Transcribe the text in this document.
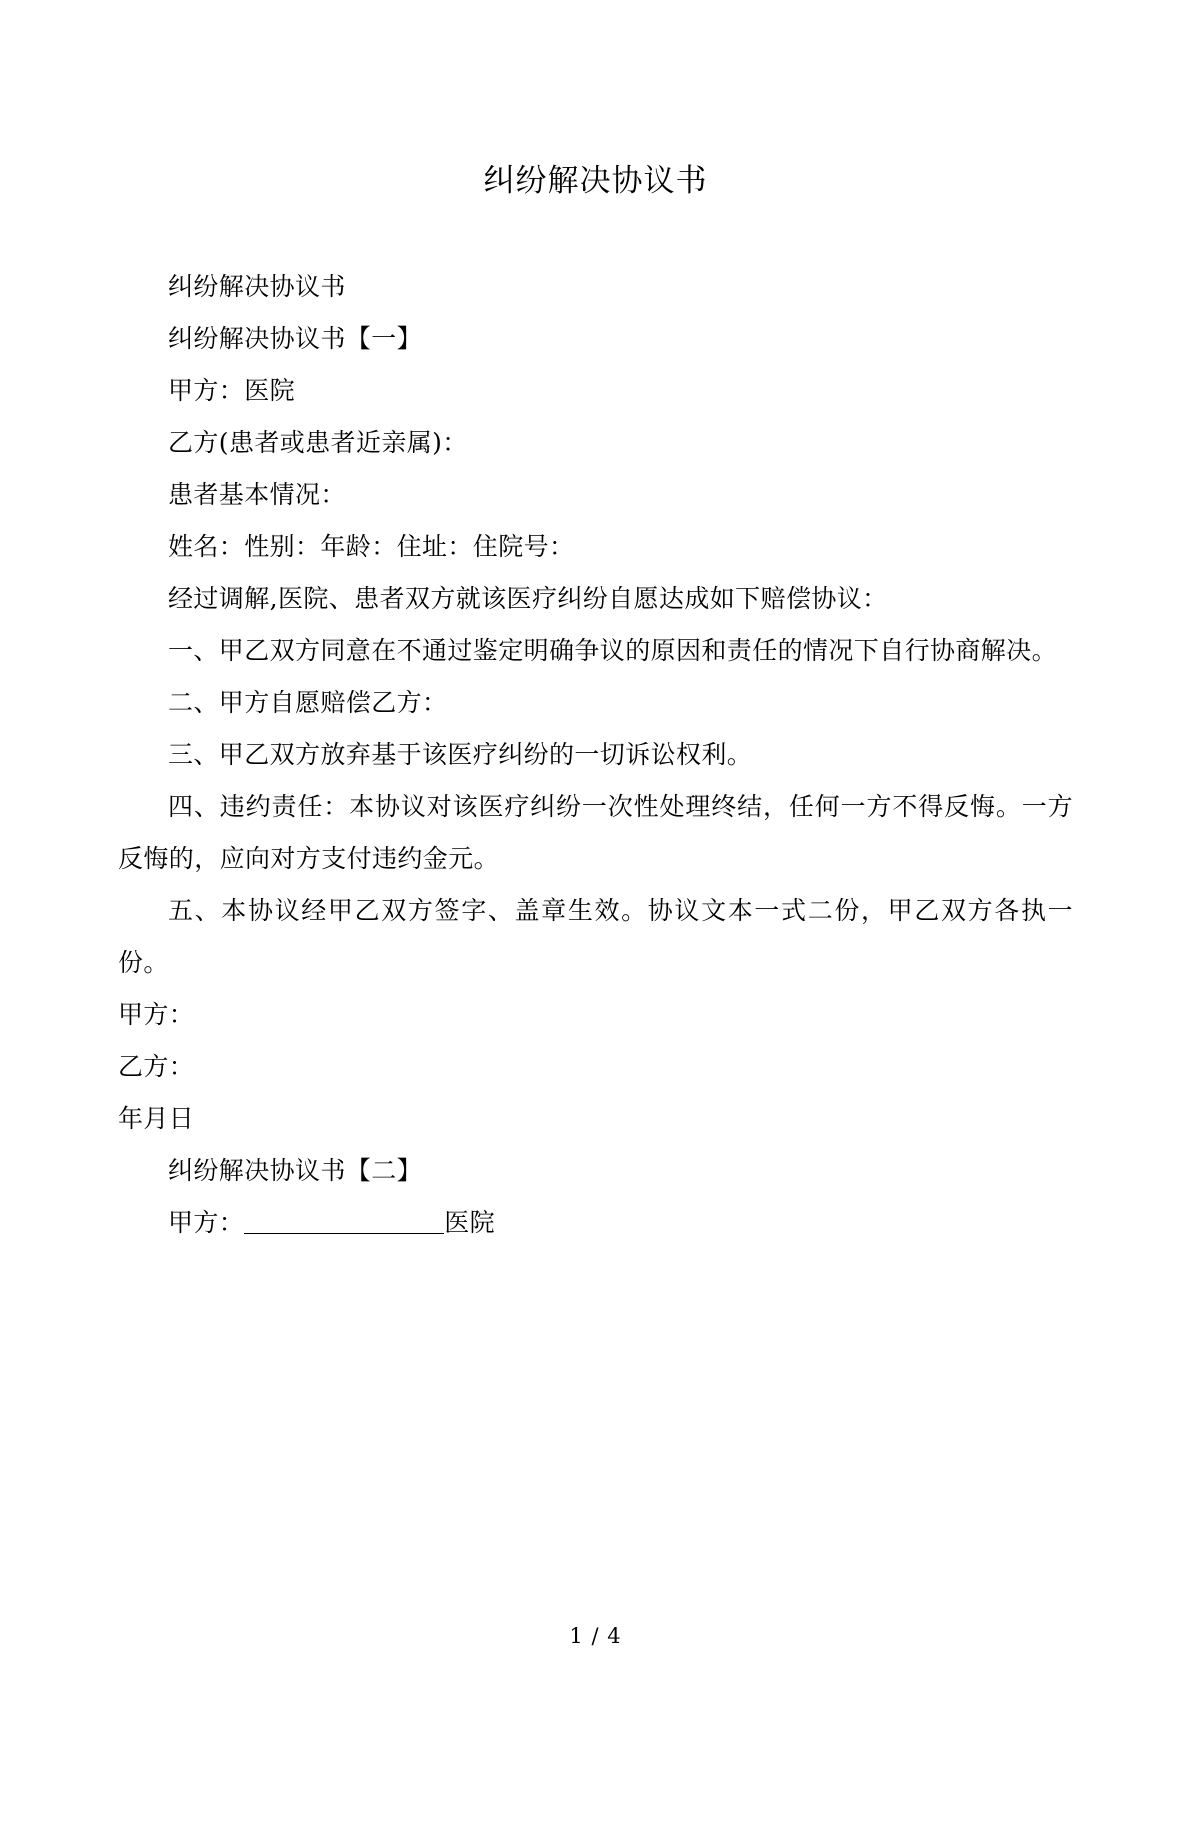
纠纷解决协议书

纠纷解决协议书

纠纷解决协议书【一】

甲方：医院

乙方(患者或患者近亲属)：

患者基本情况：

姓名：性别：年龄：住址：住院号：

经过调解,医院、患者双方就该医疗纠纷自愿达成如下赔偿协议：

一、甲乙双方同意在不通过鉴定明确争议的原因和责任的情况下自行协商解决。

二、甲方自愿赔偿乙方：

三、甲乙双方放弃基于该医疗纠纷的一切诉讼权利。

四、违约责任：本协议对该医疗纠纷一次性处理终结，任何一方不得反悔。一方反悔的，应向对方支付违约金元。

五、本协议经甲乙双方签字、盖章生效。协议文本一式二份，甲乙双方各执一份。

甲方：

乙方：

年月日

纠纷解决协议书【二】

甲方：	医院

1 / 4
